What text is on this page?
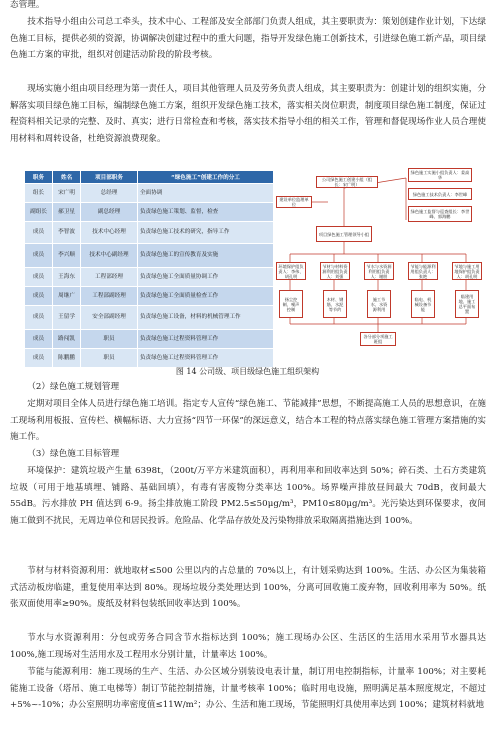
态管理。

技术指导小组由公司总工牵头，技术中心、工程部及安全部部门负责人组成，其主要职责为：策划创建作业计划，下达绿色施工目标，提供必须的资源，协调解决创建过程中的重大问题，指导开发绿色施工创新技术，引进绿色施工新产品，项目绿色施工方案的审批，组织对创建活动阶段的阶段考核。

现场实施小组由项目经理为第一责任人，项目其他管理人员及劳务负责人组成，其主要职责为：创建计划的组织实施，分解落实项目绿色施工目标，编制绿色施工方案，组织开发绿色施工技术，落实相关岗位职责，制度项目绿色施工制度，保证过程资料相关记录的完整、及时、真实；进行日常检查和考核，落实技术指导小组的相关工作，管理和督促现场作业人员合理使用材料和周转设备，杜绝资源浪费现象。

职务	姓名	项目部职务	“绿色施工”创建工作的分工
组长	宋广明	总经理	全面协调
副组长	郝卫星	副总经理	负责绿色施工策划、监督，检查
成员	李智波	技术中心经理	负责绿色施工技术的研究，指导工作
成员	李兴顺	技术中心副经理	负责绿色施工的宣传教育及实施
成员	王海东	工程部经理	负责绿色施工全面质量协调工作
成员	周继广	工程部副经理	负责绿色施工全面质量检查工作
成员	王留学	安全部副经理	负责绿色施工设备，材料的机械管理工作
成员	路闯凯	职员	负责绿色施工过程资料管理工作
成员	陈鹏鹏	职员	负责绿色施工过程资料管理工作
公司绿色施工创建小组（组长：宋广明）
建设单位监理单位
绿色施工实施小组负责人：姜高华
绿色施工技术负责人：李世峰
绿色施工监督与巡查组长：李世峰、郭海鹏
项目绿色施工管理领导小组
环境保护组负责人：李伟、胡孔明
节材与材料资源利用组负责人：刘强
节水与水资源利用组负责人：谢朋
节能与能源利用组负责人：张艳
节地与施工用地保护组负责人：胡孔明
扬尘控制、噪声控制
木材、钢筋、水泥等节约
施工节水、水资源利用
临电、机械设备节能
临建用地、施工总平面布置
各分部分项施工班组
图 14 公司级、项目级绿色施工组织架构

（2）绿色施工规划管理

定期对项目全体人员进行绿色施工培训。指定专人宣传“绿色施工、节能减排”思想，不断提高施工人员的思想意识，在施工现场利用板报、宣传栏、横幅标语、大力宣扬“四节一环保”的深远意义，结合本工程的特点落实绿色施工管理方案措施的实施工作。

（3）绿色施工目标管理

环境保护：建筑垃圾产生量 6398t，（200t/万平方米建筑面积），再利用率和回收率达到 50%；碎石类、土石方类建筑垃圾（可用于地基填埋、铺路、基础回填），有毒有害废物分类率达 100%。场界噪声排放昼间最大 70dB，夜间最大 55dB。污水排放 PH 值达到 6-9。扬尘排放施工阶段 PM2.5≤50μg/m³，PM10≤80μg/m³。光污染达到环保要求，夜间施工做到不扰民，无周边单位和居民投诉。危险品、化学品存放处及污染物排放采取隔离措施达到 100%。

节材与材料资源利用：就地取材≤500 公里以内的占总量的 70%以上，有计划采购达到 100%。生活、办公区为集装箱式活动板房临建，重复使用率达到 80%。现场垃圾分类处理达到 100%，分离可回收施工废弃物，回收利用率为 50%。纸张双面使用率≥90%。废纸及材料包装纸回收率达到 100%。

节水与水资源利用：分包或劳务合同含节水指标达到 100%；施工现场办公区、生活区的生活用水采用节水器具达 100%,施工现场对生活用水及工程用水分别计量，计量率达 100%。

节能与能源利用：施工现场的生产、生活、办公区域分别装设电表计量，制订用电控制指标，计量率 100%；对主要耗能施工设备（塔吊、施工电梯等）制订节能控制措施，计量考核率 100%；临时用电设施，照明满足基本照度规定，不超过+5%~-10%；办公室照明功率密度值≤11W/m²；办公、生活和施工现场，节能照明灯具使用率达到 100%；建筑材料就地
